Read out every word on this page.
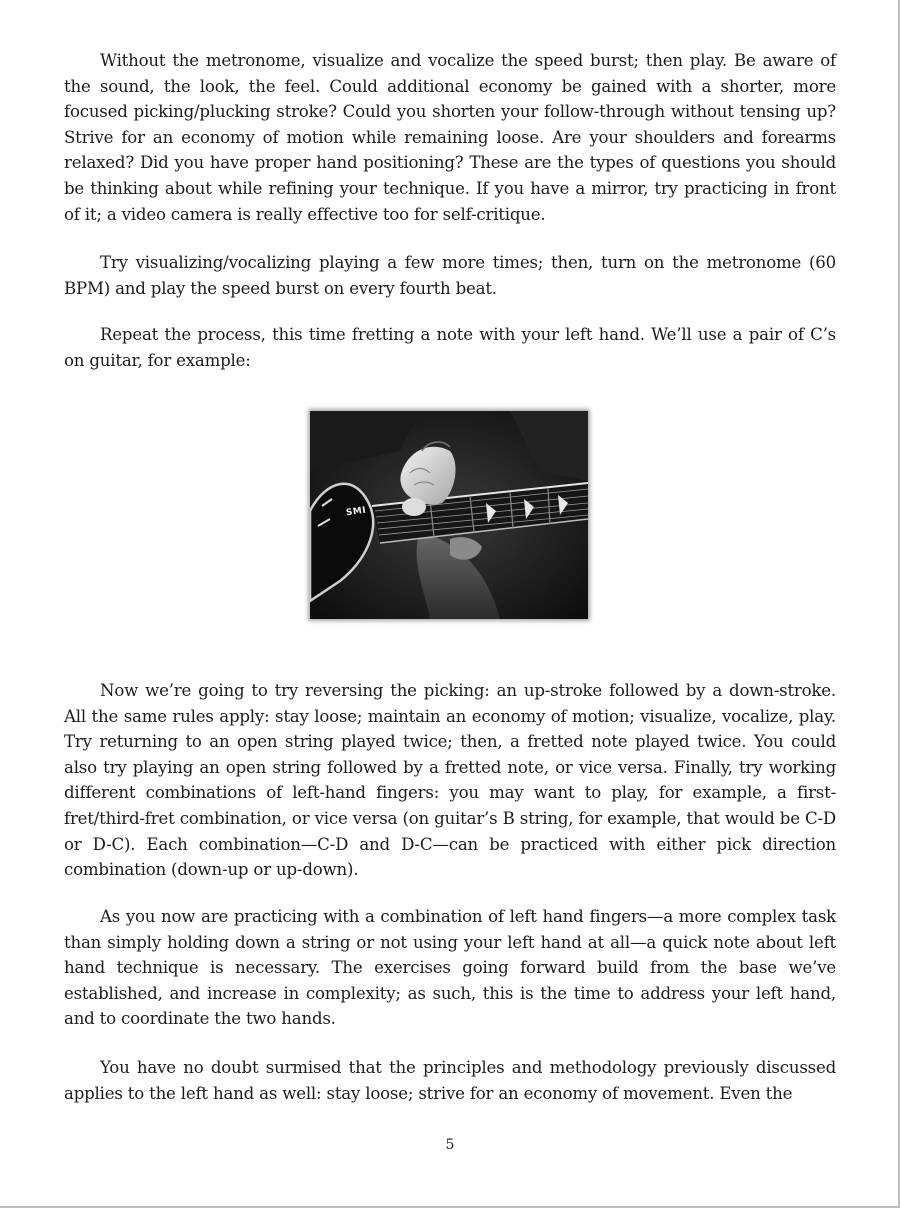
Without the metronome, visualize and vocalize the speed burst; then play. Be aware of the sound, the look, the feel. Could additional economy be gained with a shorter, more focused picking/plucking stroke? Could you shorten your follow-through without tensing up? Strive for an economy of motion while remaining loose. Are your shoulders and forearms relaxed? Did you have proper hand positioning? These are the types of questions you should be thinking about while refining your technique. If you have a mirror, try practicing in front of it; a video camera is really effective too for self-critique.

Try visualizing/vocalizing playing a few more times; then, turn on the metronome (60 BPM) and play the speed burst on every fourth beat.

Repeat the process, this time fretting a note with your left hand. We’ll use a pair of C’s on guitar, for example:

SMI

Now we’re going to try reversing the picking: an up-stroke followed by a down-stroke. All the same rules apply: stay loose; maintain an economy of motion; visualize, vocalize, play. Try returning to an open string played twice; then, a fretted note played twice. You could also try playing an open string followed by a fretted note, or vice versa. Finally, try working different combinations of left-hand fingers: you may want to play, for example, a first-fret/third-fret combination, or vice versa (on guitar’s B string, for example, that would be C-D or D-C). Each combination—C-D and D-C—can be practiced with either pick direction combination (down-up or up-down).

As you now are practicing with a combination of left hand fingers—a more complex task than simply holding down a string or not using your left hand at all—a quick note about left hand technique is necessary. The exercises going forward build from the base we’ve established, and increase in complexity; as such, this is the time to address your left hand, and to coordinate the two hands.

You have no doubt surmised that the principles and methodology previously discussed applies to the left hand as well: stay loose; strive for an economy of movement. Even the

5
